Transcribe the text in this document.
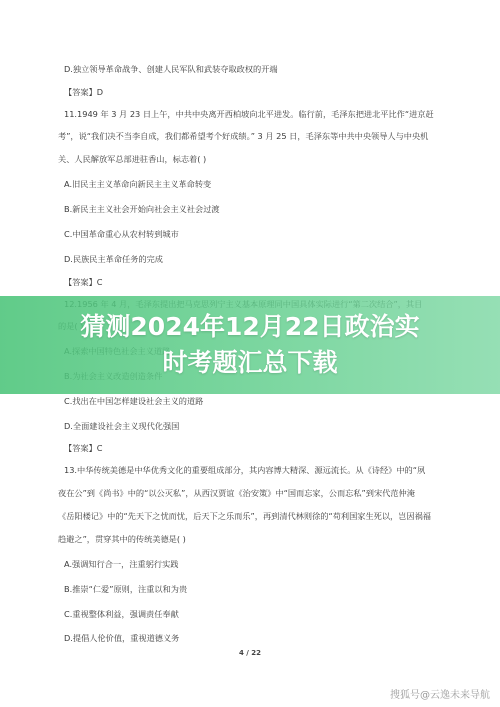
D.独立领导革命战争、创建人民军队和武装夺取政权的开端
【答案】D
11.1949 年 3 月 23 日上午，中共中央离开西柏坡向北平进发。临行前，毛泽东把进北平比作“进京赶
考”，说“我们决不当李自成，我们都希望考个好成绩。” 3 月 25 日，毛泽东等中共中央领导人与中央机
关、人民解放军总部进驻香山，标志着( )
A.旧民主主义革命向新民主主义革命转变
B.新民主主义社会开始向社会主义社会过渡
C.中国革命重心从农村转到城市
D.民族民主革命任务的完成
【答案】C
C.找出在中国怎样建设社会主义的道路
D.全面建设社会主义现代化强国
【答案】C
13.中华传统美德是中华优秀文化的重要组成部分，其内容博大精深、源远流长。从《诗经》中的“夙
夜在公”到《尚书》中的“以公灭私”，从西汉贾谊《治安策》中“国而忘家，公而忘私”到宋代范仲淹
《岳阳楼记》中的“先天下之忧而忧，后天下之乐而乐”，再到清代林则徐的“苟利国家生死以，岂因祸福
趋避之”，贯穿其中的传统美德是( )
A.强调知行合一，注重躬行实践
B.推崇“仁爱”原则，注重以和为贵
C.重视整体利益，强调责任奉献
D.提倡人伦价值，重视道德义务
4 / 22
猜测2024年12月22日政治实
时考题汇总下载
搜狐号@云逸未来导航
